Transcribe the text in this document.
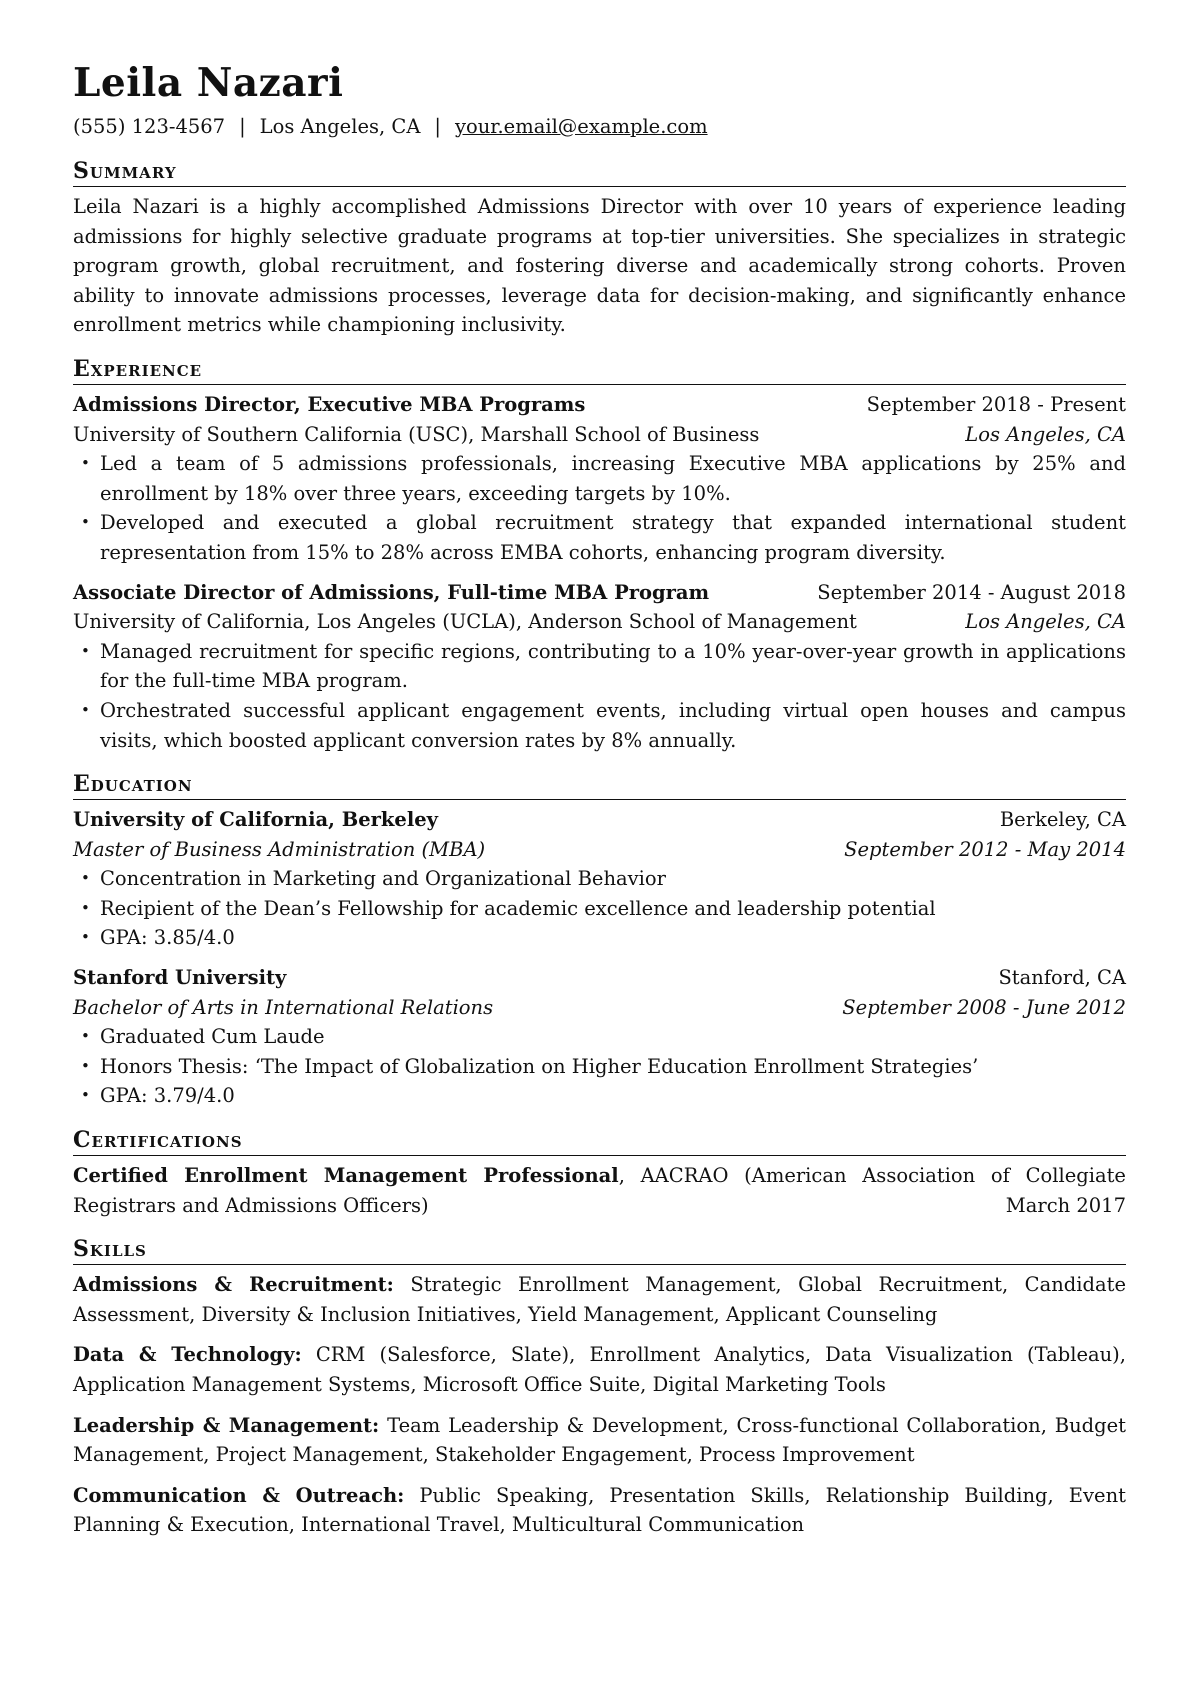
Leila Nazari
(555) 123-4567 | Los Angeles, CA | your.email@example.com
Summary
Leila Nazari is a highly accomplished Admissions Director with over 10 years of experience leading admissions for highly selective graduate programs at top-tier universities. She specializes in strategic program growth, global recruitment, and fostering diverse and academically strong cohorts. Proven ability to innovate admissions processes, leverage data for decision-making, and significantly enhance enrollment metrics while championing inclusivity.
Experience
Admissions Director, Executive MBA Programs	September 2018 - Present
University of Southern California (USC), Marshall School of Business	Los Angeles, CA
• Led a team of 5 admissions professionals, increasing Executive MBA applications by 25% and enrollment by 18% over three years, exceeding targets by 10%.
• Developed and executed a global recruitment strategy that expanded international student representation from 15% to 28% across EMBA cohorts, enhancing program diversity.
Associate Director of Admissions, Full-time MBA Program	September 2014 - August 2018
University of California, Los Angeles (UCLA), Anderson School of Management	Los Angeles, CA
• Managed recruitment for specific regions, contributing to a 10% year-over-year growth in applications for the full-time MBA program.
• Orchestrated successful applicant engagement events, including virtual open houses and campus visits, which boosted applicant conversion rates by 8% annually.
Education
University of California, Berkeley	Berkeley, CA
Master of Business Administration (MBA)	September 2012 - May 2014
• Concentration in Marketing and Organizational Behavior
• Recipient of the Dean’s Fellowship for academic excellence and leadership potential
• GPA: 3.85/4.0
Stanford University	Stanford, CA
Bachelor of Arts in International Relations	September 2008 - June 2012
• Graduated Cum Laude
• Honors Thesis: ‘The Impact of Globalization on Higher Education Enrollment Strategies’
• GPA: 3.79/4.0
Certifications
Certified Enrollment Management Professional, AACRAO (American Association of Collegiate Registrars and Admissions Officers)	March 2017
Skills
Admissions & Recruitment: Strategic Enrollment Management, Global Recruitment, Candidate Assessment, Diversity & Inclusion Initiatives, Yield Management, Applicant Counseling
Data & Technology: CRM (Salesforce, Slate), Enrollment Analytics, Data Visualization (Tableau), Application Management Systems, Microsoft Office Suite, Digital Marketing Tools
Leadership & Management: Team Leadership & Development, Cross-functional Collaboration, Budget Management, Project Management, Stakeholder Engagement, Process Improvement
Communication & Outreach: Public Speaking, Presentation Skills, Relationship Building, Event Planning & Execution, International Travel, Multicultural Communication
